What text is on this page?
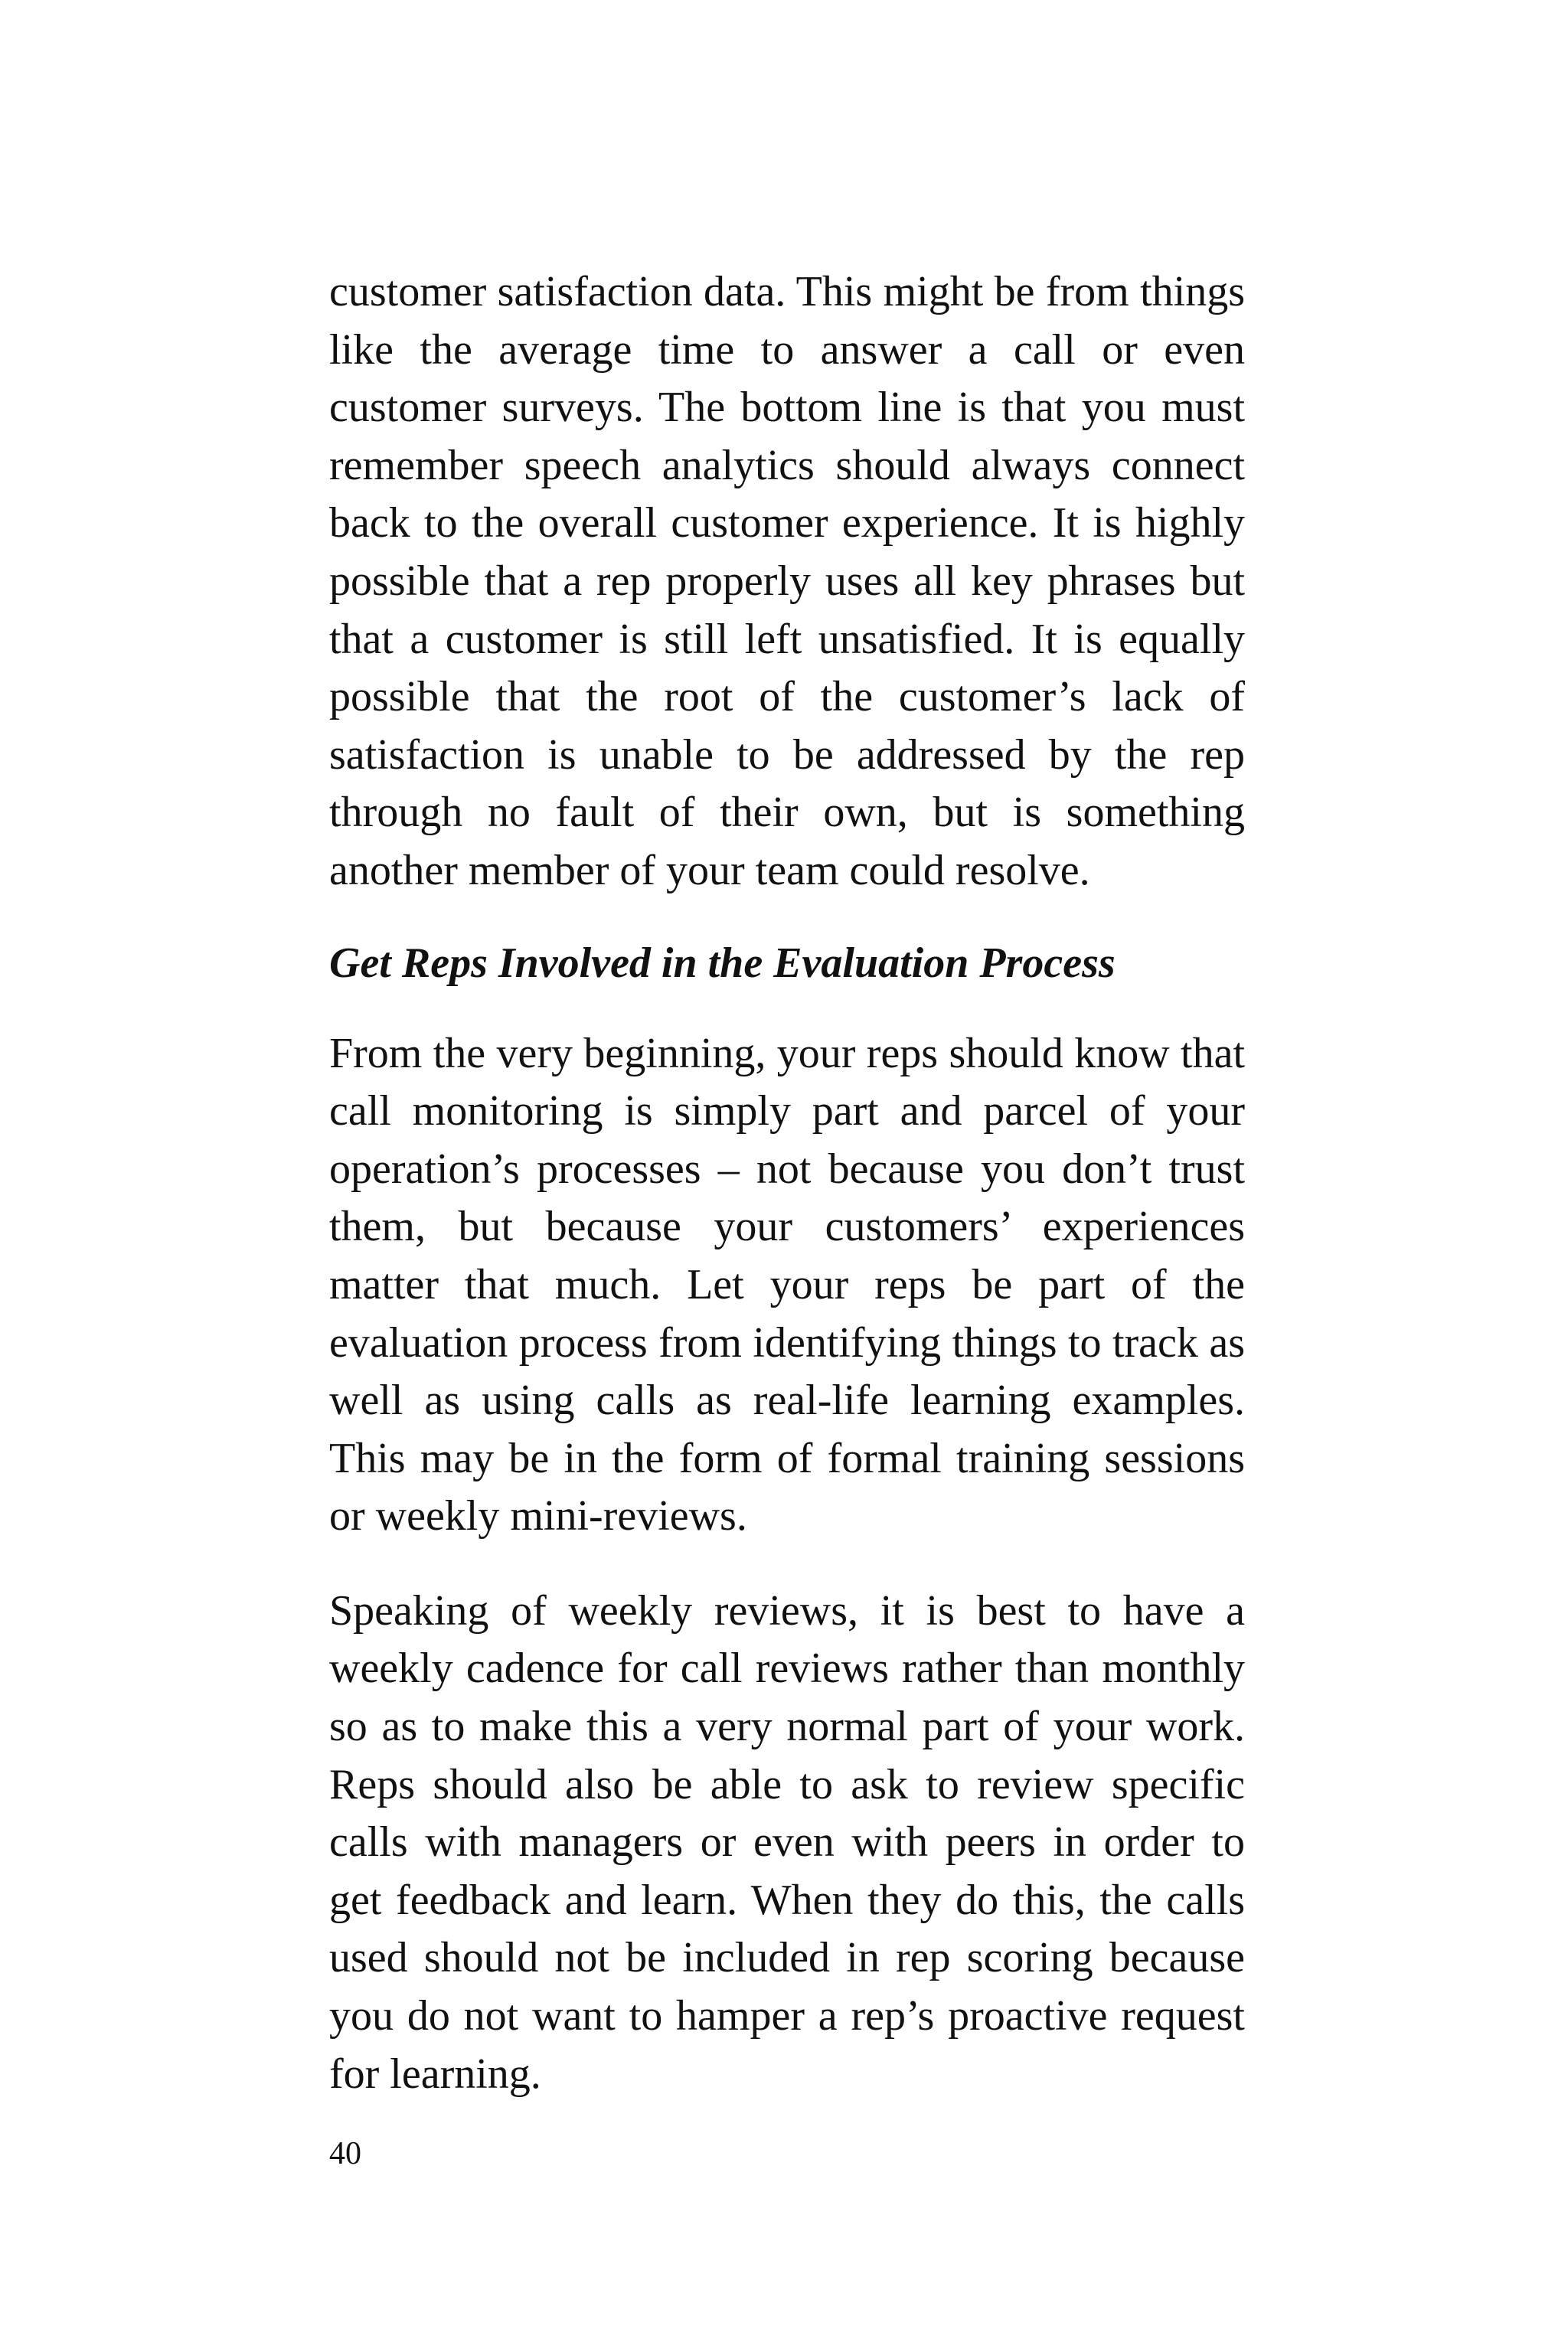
customer satisfaction data. This might be from things like the average time to answer a call or even customer surveys. The bottom line is that you must remember speech analytics should always connect back to the overall customer experience. It is highly possible that a rep properly uses all key phrases but that a customer is still left unsatisfied. It is equally possible that the root of the customer’s lack of satisfaction is unable to be addressed by the rep through no fault of their own, but is something another member of your team could resolve.

Get Reps Involved in the Evaluation Process

From the very beginning, your reps should know that call monitoring is simply part and parcel of your operation’s processes – not because you don’t trust them, but because your customers’ experiences matter that much. Let your reps be part of the evaluation process from identifying things to track as well as using calls as real-life learning examples. This may be in the form of formal training sessions or weekly mini-reviews.

Speaking of weekly reviews, it is best to have a weekly cadence for call reviews rather than monthly so as to make this a very normal part of your work. Reps should also be able to ask to review specific calls with managers or even with peers in order to get feedback and learn. When they do this, the calls used should not be included in rep scoring because you do not want to hamper a rep’s proactive request for learning.

40
